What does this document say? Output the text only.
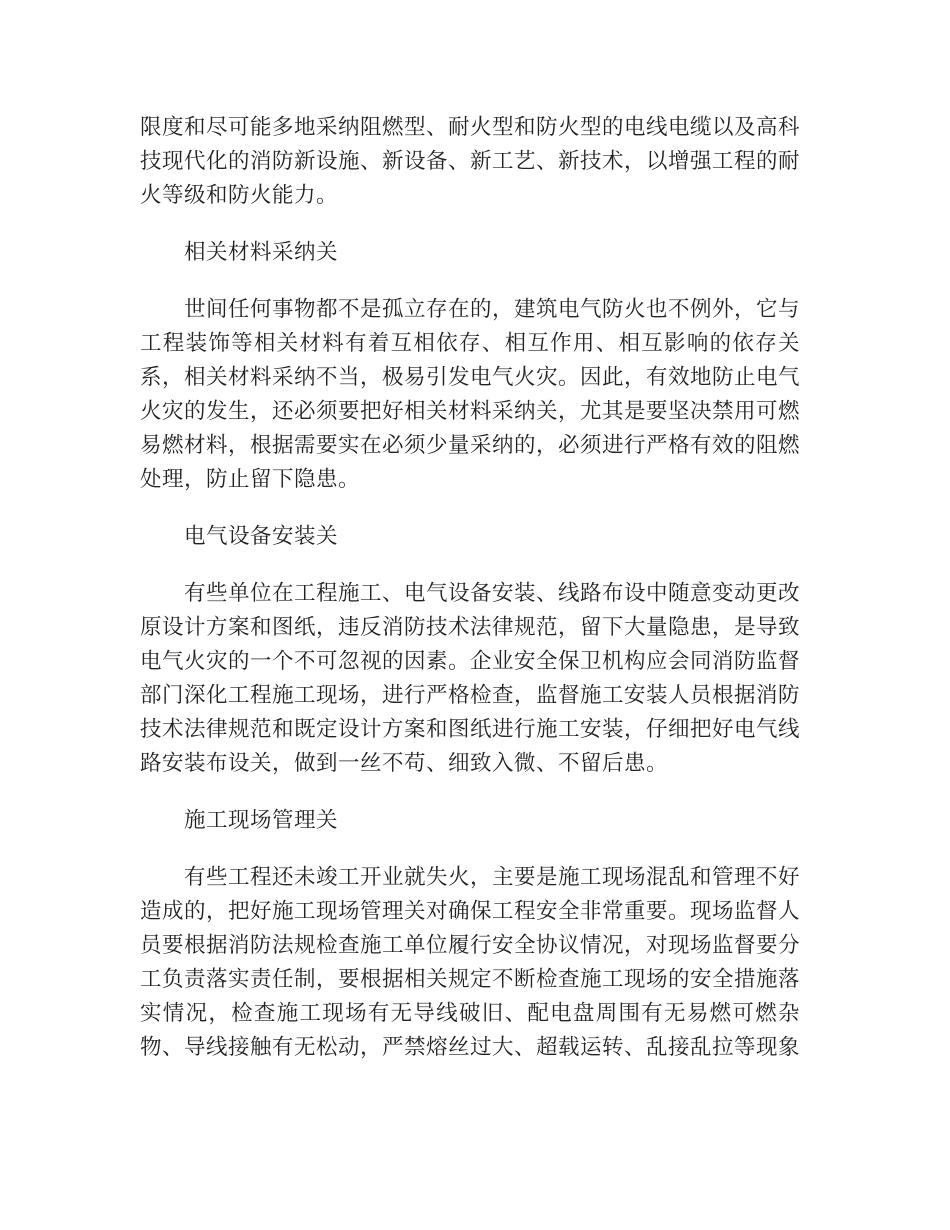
限度和尽可能多地采纳阻燃型、耐火型和防火型的电线电缆以及高科技现代化的消防新设施、新设备、新工艺、新技术，以增强工程的耐火等级和防火能力。

相关材料采纳关

世间任何事物都不是孤立存在的，建筑电气防火也不例外，它与工程装饰等相关材料有着互相依存、相互作用、相互影响的依存关系，相关材料采纳不当，极易引发电气火灾。因此，有效地防止电气火灾的发生，还必须要把好相关材料采纳关，尤其是要坚决禁用可燃易燃材料，根据需要实在必须少量采纳的，必须进行严格有效的阻燃处理，防止留下隐患。

电气设备安装关

有些单位在工程施工、电气设备安装、线路布设中随意变动更改原设计方案和图纸，违反消防技术法律规范，留下大量隐患，是导致电气火灾的一个不可忽视的因素。企业安全保卫机构应会同消防监督部门深化工程施工现场，进行严格检查，监督施工安装人员根据消防技术法律规范和既定设计方案和图纸进行施工安装，仔细把好电气线路安装布设关，做到一丝不苟、细致入微、不留后患。

施工现场管理关

有些工程还未竣工开业就失火，主要是施工现场混乱和管理不好造成的，把好施工现场管理关对确保工程安全非常重要。现场监督人员要根据消防法规检查施工单位履行安全协议情况，对现场监督要分工负责落实责任制，要根据相关规定不断检查施工现场的安全措施落实情况，检查施工现场有无导线破旧、配电盘周围有无易燃可燃杂物、导线接触有无松动，严禁熔丝过大、超载运转、乱接乱拉等现象
